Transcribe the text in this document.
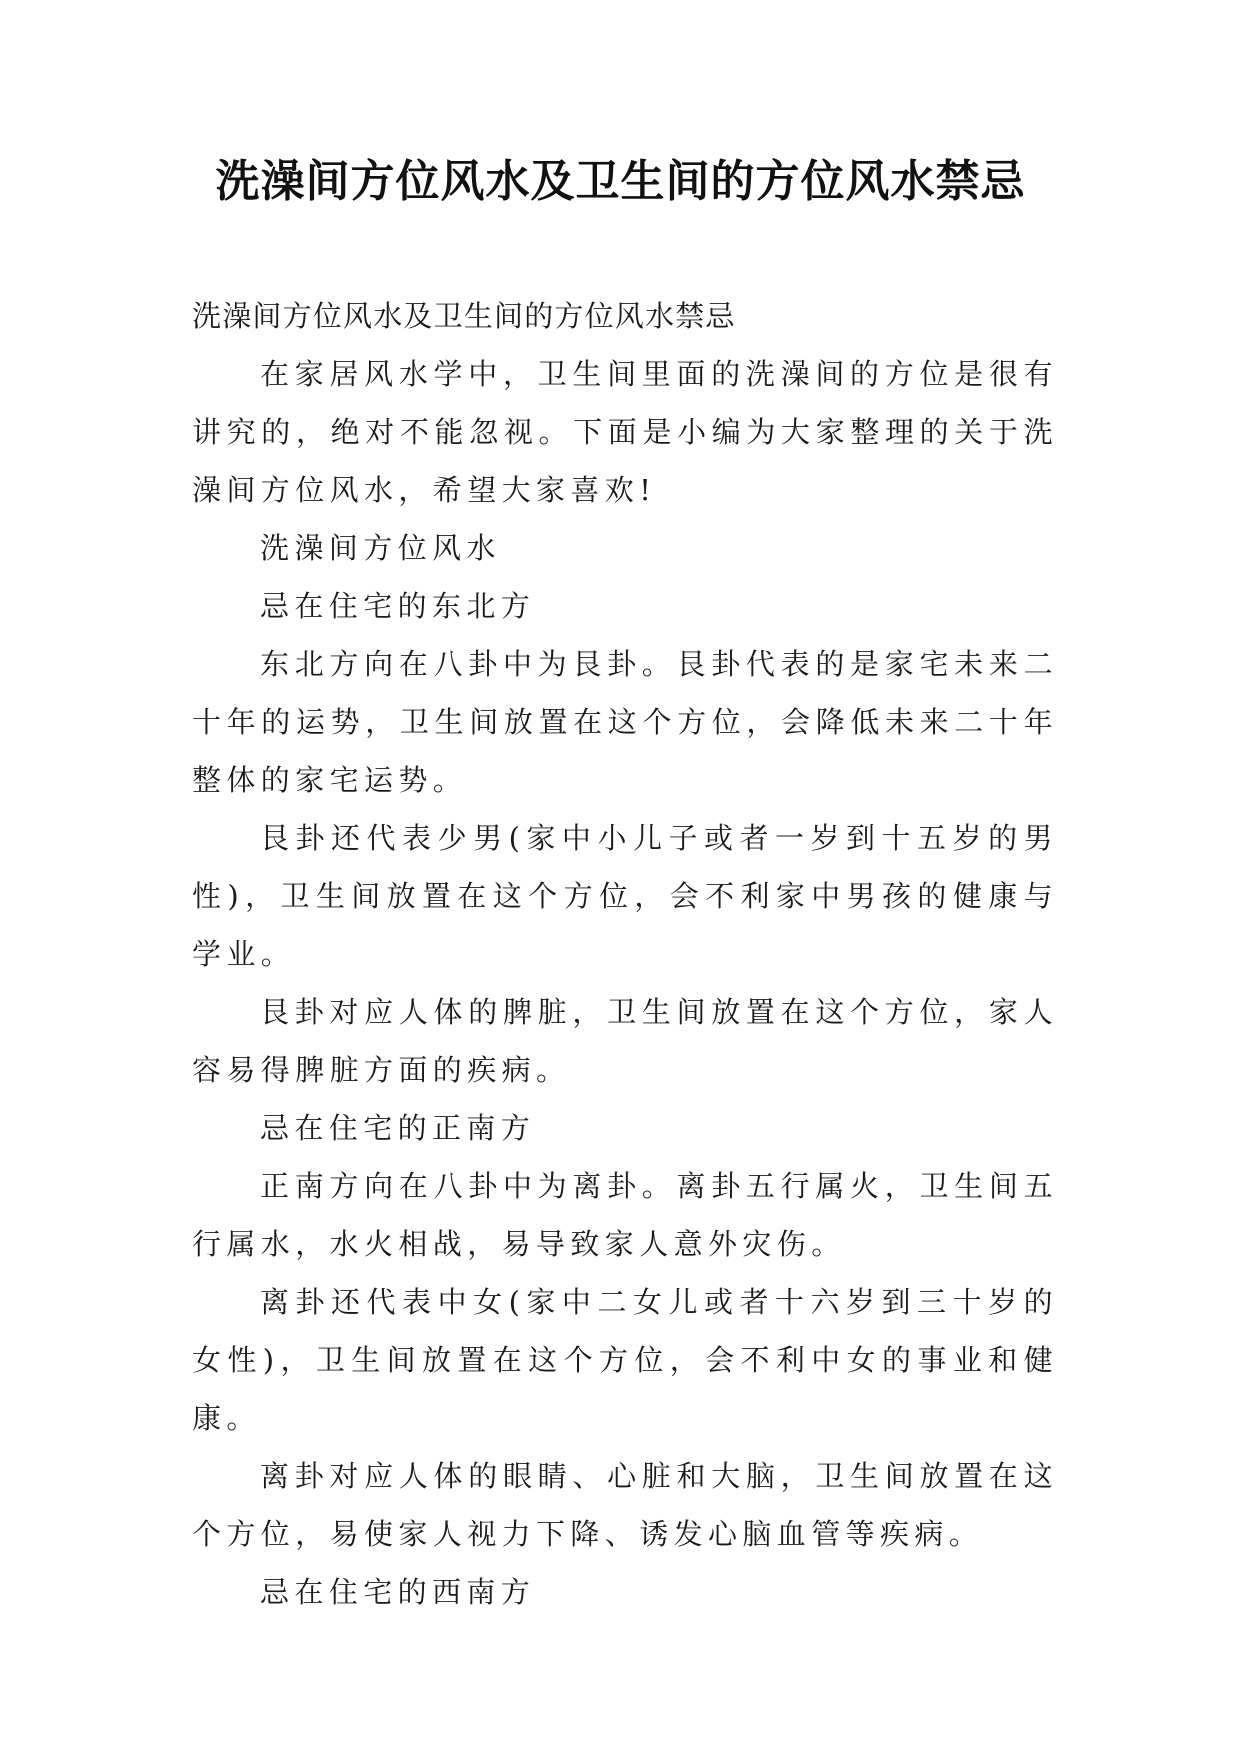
洗澡间方位风水及卫生间的方位风水禁忌

洗澡间方位风水及卫生间的方位风水禁忌

在家居风水学中，卫生间里面的洗澡间的方位是很有讲究的，绝对不能忽视。下面是小编为大家整理的关于洗澡间方位风水，希望大家喜欢!

洗澡间方位风水

忌在住宅的东北方

东北方向在八卦中为艮卦。艮卦代表的是家宅未来二十年的运势，卫生间放置在这个方位，会降低未来二十年整体的家宅运势。

艮卦还代表少男(家中小儿子或者一岁到十五岁的男性)，卫生间放置在这个方位，会不利家中男孩的健康与学业。

艮卦对应人体的脾脏，卫生间放置在这个方位，家人容易得脾脏方面的疾病。

忌在住宅的正南方

正南方向在八卦中为离卦。离卦五行属火，卫生间五行属水，水火相战，易导致家人意外灾伤。

离卦还代表中女(家中二女儿或者十六岁到三十岁的女性)，卫生间放置在这个方位，会不利中女的事业和健康。

离卦对应人体的眼睛、心脏和大脑，卫生间放置在这个方位，易使家人视力下降、诱发心脑血管等疾病。

忌在住宅的西南方
